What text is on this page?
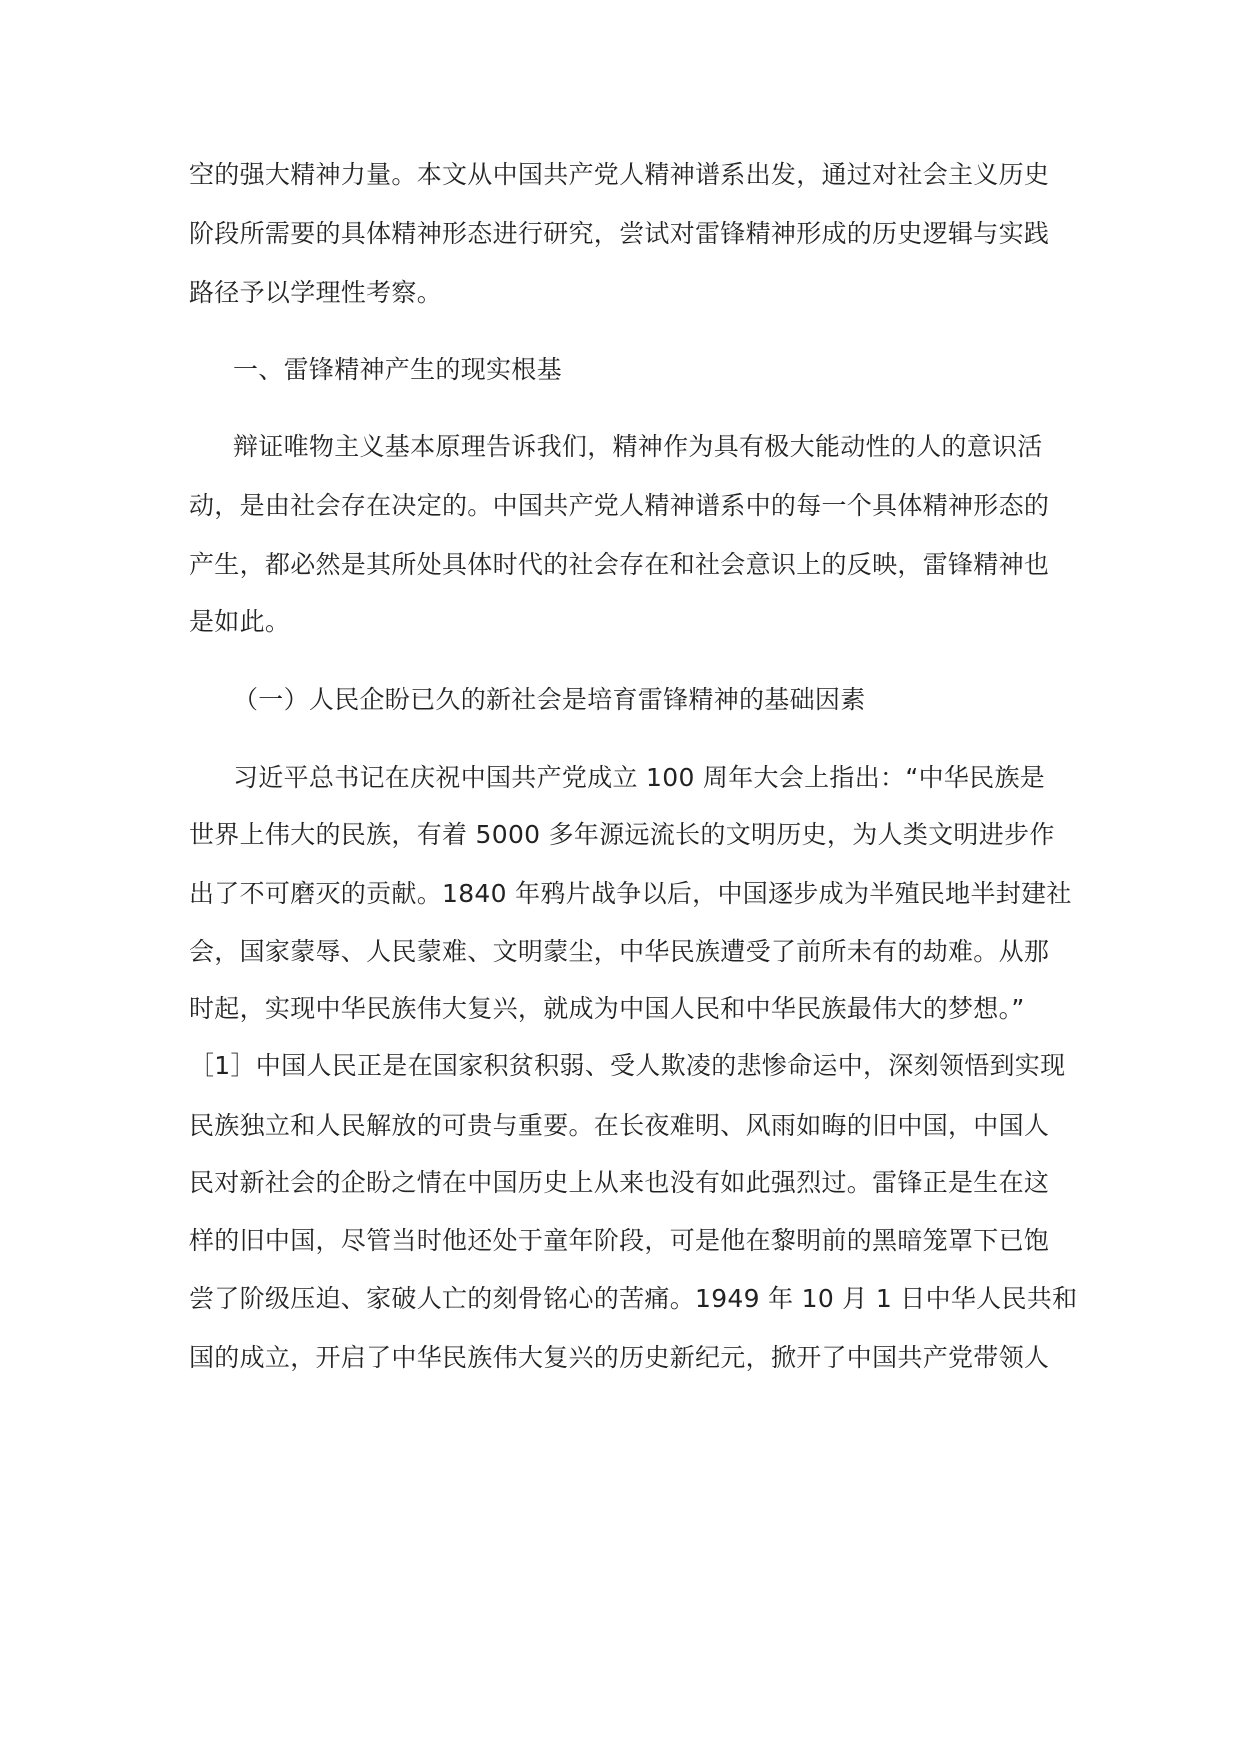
空的强大精神力量。本文从中国共产党人精神谱系出发，通过对社会主义历史
阶段所需要的具体精神形态进行研究，尝试对雷锋精神形成的历史逻辑与实践
路径予以学理性考察。
一、雷锋精神产生的现实根基
辩证唯物主义基本原理告诉我们，精神作为具有极大能动性的人的意识活
动，是由社会存在决定的。中国共产党人精神谱系中的每一个具体精神形态的
产生，都必然是其所处具体时代的社会存在和社会意识上的反映，雷锋精神也
是如此。
（一）人民企盼已久的新社会是培育雷锋精神的基础因素
习近平总书记在庆祝中国共产党成立 100 周年大会上指出：“中华民族是
世界上伟大的民族，有着 5000 多年源远流长的文明历史，为人类文明进步作
出了不可磨灭的贡献。1840 年鸦片战争以后，中国逐步成为半殖民地半封建社
会，国家蒙辱、人民蒙难、文明蒙尘，中华民族遭受了前所未有的劫难。从那
时起，实现中华民族伟大复兴，就成为中国人民和中华民族最伟大的梦想。”
［1］中国人民正是在国家积贫积弱、受人欺凌的悲惨命运中，深刻领悟到实现
民族独立和人民解放的可贵与重要。在长夜难明、风雨如晦的旧中国，中国人
民对新社会的企盼之情在中国历史上从来也没有如此强烈过。雷锋正是生在这
样的旧中国，尽管当时他还处于童年阶段，可是他在黎明前的黑暗笼罩下已饱
尝了阶级压迫、家破人亡的刻骨铭心的苦痛。1949 年 10 月 1 日中华人民共和
国的成立，开启了中华民族伟大复兴的历史新纪元，掀开了中国共产党带领人
